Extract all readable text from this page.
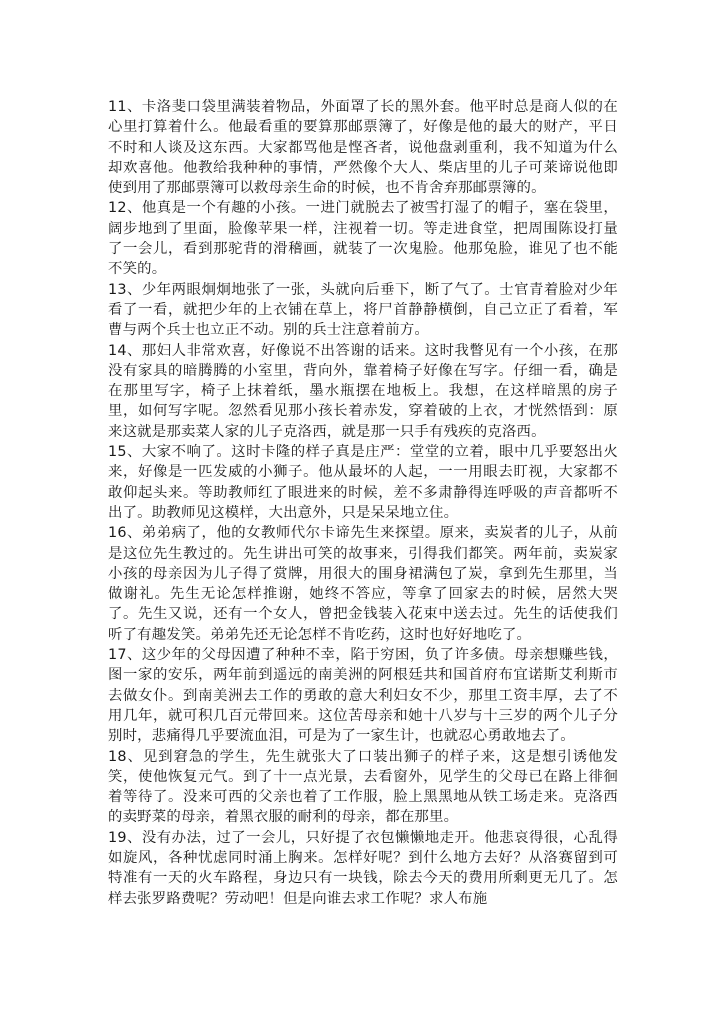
11、卡洛斐口袋里满装着物品，外面罩了长的黑外套。他平时总是商人似的在心里打算着什么。他最看重的要算那邮票簿了，好像是他的最大的财产，平日不时和人谈及这东西。大家都骂他是悭吝者，说他盘剥重利，我不知道为什么却欢喜他。他教给我种种的事情，严然像个大人、柴店里的儿子可莱谛说他即使到用了那邮票簿可以救母亲生命的时候，也不肯舍弃那邮票簿的。

12、他真是一个有趣的小孩。一进门就脱去了被雪打湿了的帽子，塞在袋里，阔步地到了里面，脸像苹果一样，注视着一切。等走进食堂，把周围陈设打量了一会儿，看到那驼背的滑稽画，就装了一次鬼脸。他那兔脸，谁见了也不能不笑的。

13、少年两眼炯炯地张了一张，头就向后垂下，断了气了。士官青着脸对少年看了一看，就把少年的上衣铺在草上，将尸首静静横倒，自己立正了看着，军曹与两个兵士也立正不动。别的兵士注意着前方。

14、那妇人非常欢喜，好像说不出答谢的话来。这时我瞥见有一个小孩，在那没有家具的暗腾腾的小室里，背向外，靠着椅子好像在写字。仔细一看，确是在那里写字，椅子上抹着纸，墨水瓶摆在地板上。我想，在这样暗黑的房子里，如何写字呢。忽然看见那小孩长着赤发，穿着破的上衣，才恍然悟到：原来这就是那卖菜人家的儿子克洛西，就是那一只手有残疾的克洛西。

15、大家不响了。这时卡隆的样子真是庄严：堂堂的立着，眼中几乎要怒出火来，好像是一匹发威的小狮子。他从最坏的人起，一一用眼去盯视，大家都不敢仰起头来。等助教师红了眼进来的时候，差不多肃静得连呼吸的声音都听不出了。助教师见这模样，大出意外，只是呆呆地立住。

16、弟弟病了，他的女教师代尔卡谛先生来探望。原来，卖炭者的儿子，从前是这位先生教过的。先生讲出可笑的故事来，引得我们都笑。两年前，卖炭家小孩的母亲因为儿子得了赏牌，用很大的围身裙满包了炭，拿到先生那里，当做谢礼。先生无论怎样推谢，她终不答应，等拿了回家去的时候，居然大哭了。先生又说，还有一个女人，曾把金钱装入花束中送去过。先生的话使我们听了有趣发笑。弟弟先还无论怎样不肯吃药，这时也好好地吃了。

17、这少年的父母因遭了种种不幸，陷于穷困，负了许多债。母亲想赚些钱，图一家的安乐，两年前到遥远的南美洲的阿根廷共和国首府布宜诺斯艾利斯市去做女仆。到南美洲去工作的勇敢的意大利妇女不少，那里工资丰厚，去了不用几年，就可积几百元带回来。这位苦母亲和她十八岁与十三岁的两个儿子分别时，悲痛得几乎要流血泪，可是为了一家生计，也就忍心勇敢地去了。

18、见到窘急的学生，先生就张大了口装出狮子的样子来，这是想引诱他发笑，使他恢复元气。到了十一点光景，去看窗外，见学生的父母已在路上徘徊着等待了。没来可西的父亲也着了工作服，脸上黑黑地从铁工场走来。克洛西的卖野菜的母亲，着黑衣服的耐利的母亲，都在那里。

19、没有办法，过了一会儿，只好提了衣包懒懒地走开。他悲哀得很，心乱得如旋风，各种忧虑同时涌上胸来。怎样好呢？到什么地方去好？从洛赛留到可特准有一天的火车路程，身边只有一块钱，除去今天的费用所剩更无几了。怎样去张罗路费呢？劳动吧！但是向谁去求工作呢？求人布施
